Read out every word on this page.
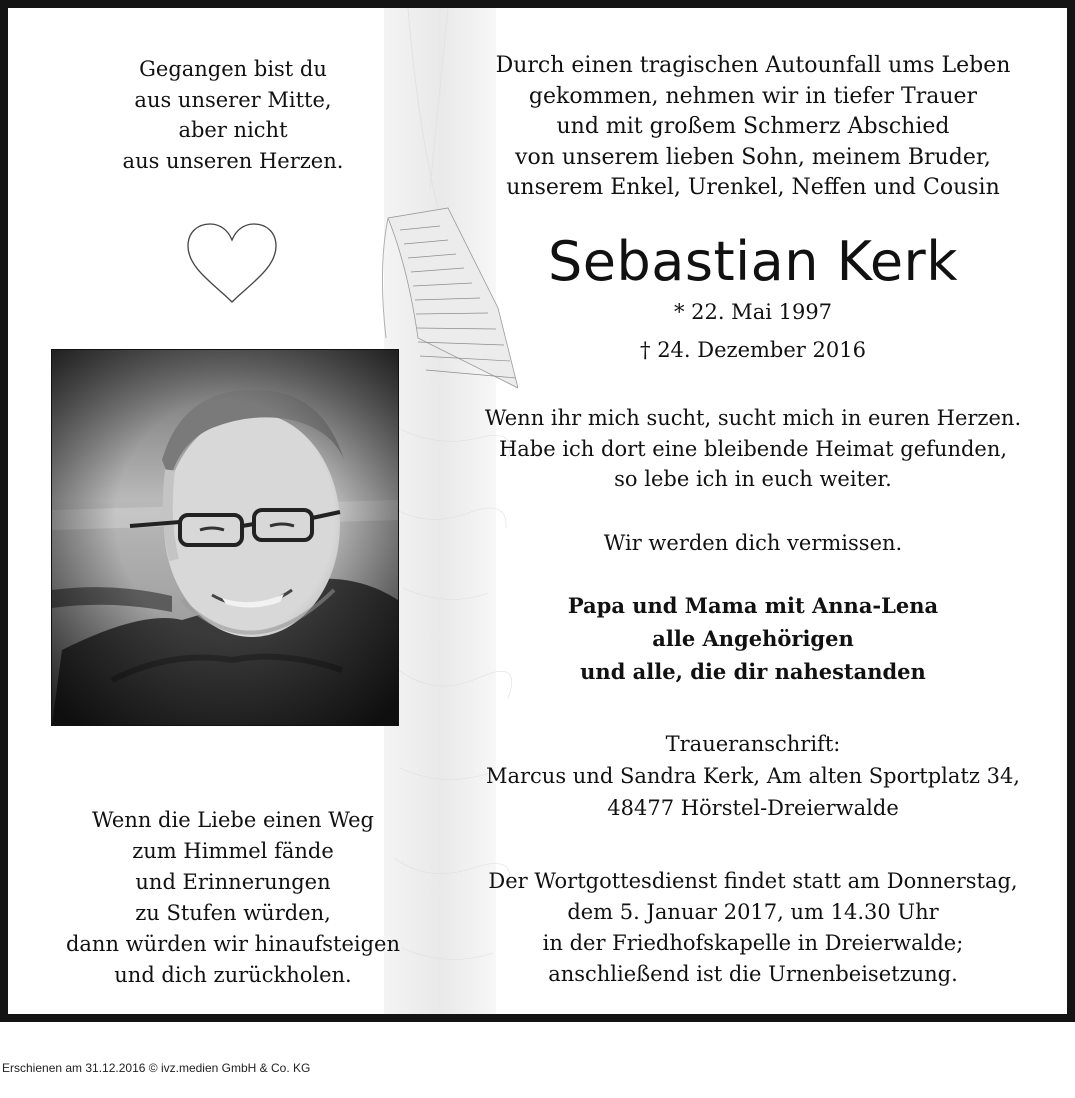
Gegangen bist du
aus unserer Mitte,
aber nicht
aus unseren Herzen.
Wenn die Liebe einen Weg
zum Himmel fände
und Erinnerungen
zu Stufen würden,
dann würden wir hinaufsteigen
und dich zurückholen.
Durch einen tragischen Autounfall ums Leben
gekommen, nehmen wir in tiefer Trauer
und mit großem Schmerz Abschied
von unserem lieben Sohn, meinem Bruder,
unserem Enkel, Urenkel, Neffen und Cousin
Sebastian Kerk
* 22. Mai 1997
† 24. Dezember 2016
Wenn ihr mich sucht, sucht mich in euren Herzen.
Habe ich dort eine bleibende Heimat gefunden,
so lebe ich in euch weiter.
Wir werden dich vermissen.
Papa und Mama mit Anna-Lena
alle Angehörigen
und alle, die dir nahestanden
Traueranschrift:
Marcus und Sandra Kerk, Am alten Sportplatz 34,
48477 Hörstel-Dreierwalde
Der Wortgottesdienst findet statt am Donnerstag,
dem 5. Januar 2017, um 14.30 Uhr
in der Friedhofskapelle in Dreierwalde;
anschließend ist die Urnenbeisetzung.
Erschienen am 31.12.2016 © ivz.medien GmbH & Co. KG
